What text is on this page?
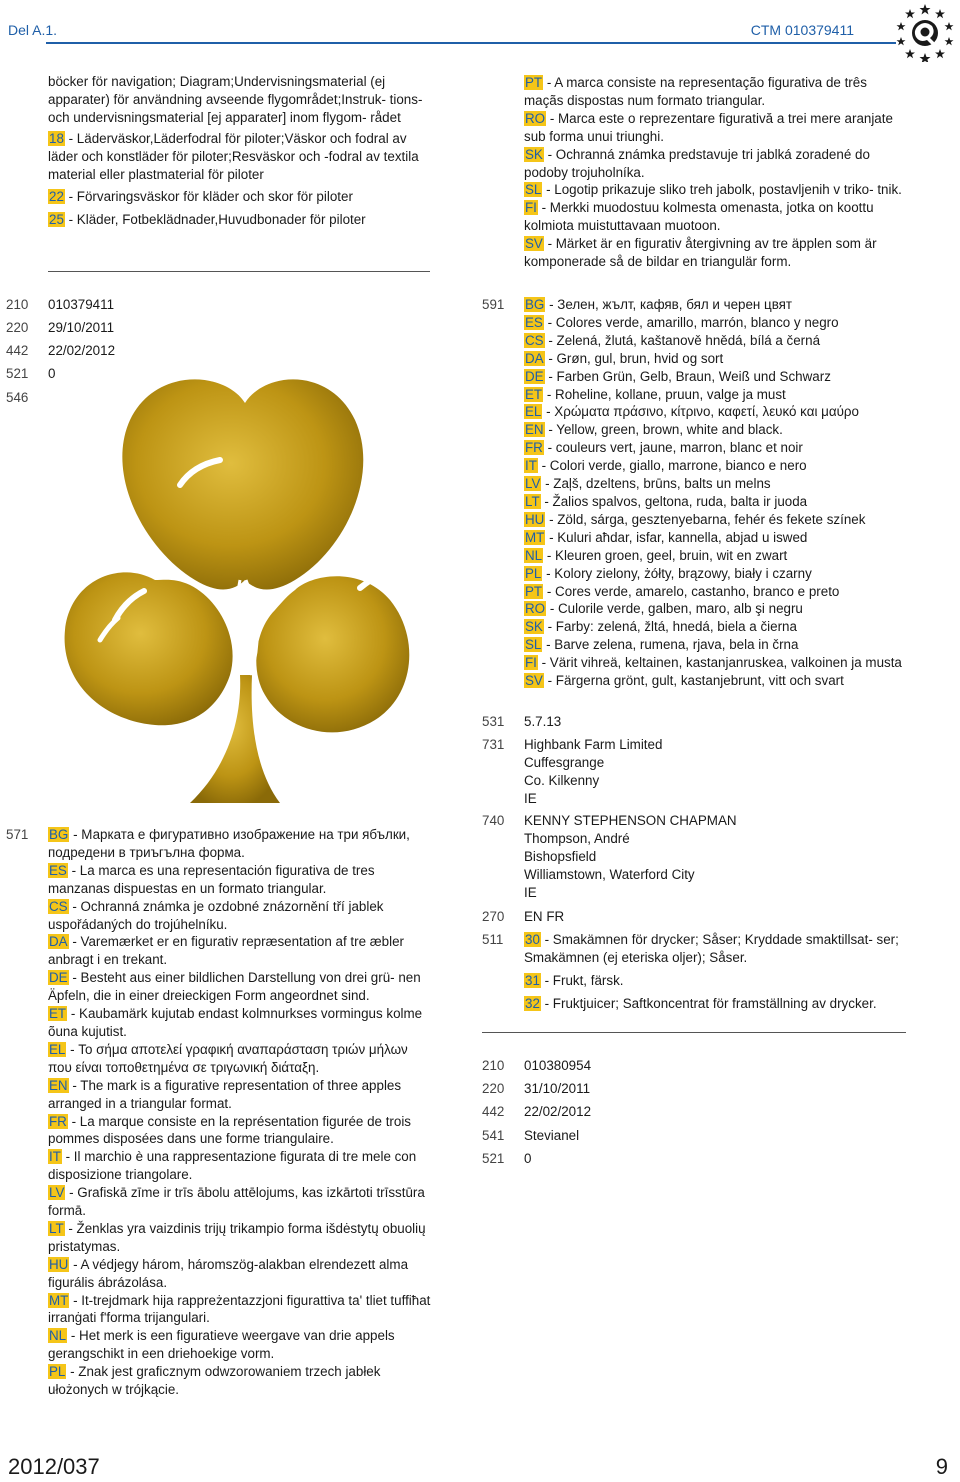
Del A.1.	CTM 010379411

böcker för navigation; Diagram;Undervisningsmaterial (ej apparater) för användning avseende flygområdet;Instruk- tions- och undervisningsmaterial [ej apparater] inom flygom- rådet

18 - Läderväskor,Läderfodral för piloter;Väskor och fodral av läder och konstläder för piloter;Resväskor och -fodral av textila material eller plastmaterial för piloter

22 - Förvaringsväskor för kläder och skor för piloter

25 - Kläder, Fotbeklädnader,Huvudbonader för piloter

210 010379411
220 29/10/2011
442 22/02/2012
521 0
546
571 BG - Марката е фигуративно изображение на три ябълки, подредени в триъгълна форма.

ES - La marca es una representación figurativa de tres manzanas dispuestas en un formato triangular.

CS - Ochranná známka je ozdobné znázornění tří jablek uspořádaných do trojúhelníku.

DA - Varemærket er en figurativ repræsentation af tre æbler anbragt i en trekant.

DE - Besteht aus einer bildlichen Darstellung von drei grü- nen Äpfeln, die in einer dreieckigen Form angeordnet sind.

ET - Kaubamärk kujutab endast kolmnurkses vormingus kolme õuna kujutist.

EL - Το σήμα αποτελεί γραφική αναπαράσταση τριών μήλων που είναι τοποθετημένα σε τριγωνική διάταξη.

EN - The mark is a figurative representation of three apples arranged in a triangular format.

FR - La marque consiste en la représentation figurée de trois pommes disposées dans une forme triangulaire.

IT - Il marchio è una rappresentazione figurata di tre mele con disposizione triangolare.

LV - Grafiskā zīme ir trīs ābolu attēlojums, kas izkārtoti trīsstūra formā.

LT - Ženklas yra vaizdinis trijų trikampio forma išdėstytų obuolių pristatymas.

HU - A védjegy három, háromszög-alakban elrendezett alma figurális ábrázolása.

MT - It-trejdmark hija rappreżentazzjoni figurattiva ta' tliet tuffiħat irranġati f'forma trijangulari.

NL - Het merk is een figuratieve weergave van drie appels gerangschikt in een driehoekige vorm.

PL - Znak jest graficznym odwzorowaniem trzech jabłek ułożonych w trójkącie.

PT - A marca consiste na representação figurativa de três maçãs dispostas num formato triangular.

RO - Marca este o reprezentare figurativă a trei mere aranjate sub forma unui triunghi.

SK - Ochranná známka predstavuje tri jablká zoradené do podoby trojuholníka.

SL - Logotip prikazuje sliko treh jabolk, postavljenih v triko- tnik.

FI - Merkki muodostuu kolmesta omenasta, jotka on koottu kolmiota muistuttavaan muotoon.

SV - Märket är en figurativ återgivning av tre äpplen som är komponerade så de bildar en triangulär form.

591 BG - Зелен, жълт, кафяв, бял и черен цвят

ES - Colores verde, amarillo, marrón, blanco y negro

CS - Zelená, žlutá, kaštanově hnědá, bílá a černá

DA - Grøn, gul, brun, hvid og sort

DE - Farben Grün, Gelb, Braun, Weiß und Schwarz

ET - Roheline, kollane, pruun, valge ja must

EL - Χρώματα πράσινο, κίτρινο, καφετί, λευκό και μαύρο

EN - Yellow, green, brown, white and black.

FR - couleurs vert, jaune, marron, blanc et noir

IT - Colori verde, giallo, marrone, bianco e nero

LV - Zaļš, dzeltens, brūns, balts un melns

LT - Žalios spalvos, geltona, ruda, balta ir juoda

HU - Zöld, sárga, gesztenyebarna, fehér és fekete színek

MT - Kuluri aħdar, isfar, kannella, abjad u iswed

NL - Kleuren groen, geel, bruin, wit en zwart

PL - Kolory zielony, żółty, brązowy, biały i czarny

PT - Cores verde, amarelo, castanho, branco e preto

RO - Culorile verde, galben, maro, alb şi negru

SK - Farby: zelená, žltá, hnedá, biela a čierna

SL - Barve zelena, rumena, rjava, bela in črna

FI - Värit vihreä, keltainen, kastanjanruskea, valkoinen ja musta

SV - Färgerna grönt, gult, kastanjebrunt, vitt och svart

531 5.7.13
731 Highbank Farm Limited
Cuffesgrange
Co. Kilkenny
IE
740 KENNY STEPHENSON CHAPMAN
Thompson, André
Bishopsfield
Williamstown, Waterford City
IE
270 EN FR
511 30 - Smakämnen för drycker; Såser; Kryddade smaktillsat- ser; Smakämnen (ej eteriska oljer); Såser.

31 - Frukt, färsk.

32 - Fruktjuicer; Saftkoncentrat för framställning av drycker.

210 010380954
220 31/10/2011
442 22/02/2012
541 Stevianel
521 0
2012/037	9
